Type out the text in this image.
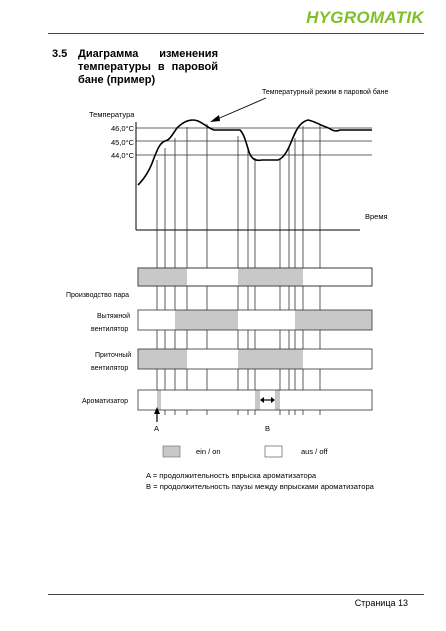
HYGROMATIK
3.5 Диаграмма изменения температуры в паровой бане (пример)
Температурный режим в паровой бане
Температура
46,0°C
45,0°C
44,0°C
Время
Производство пара
Вытяжной
вентилятор
Приточный
вентилятор
Ароматизатор
A	B
ein / on	aus / off
A = продолжительность впрыска ароматизатора
B = продолжительность паузы между впрысками ароматизатора
Страница 13
